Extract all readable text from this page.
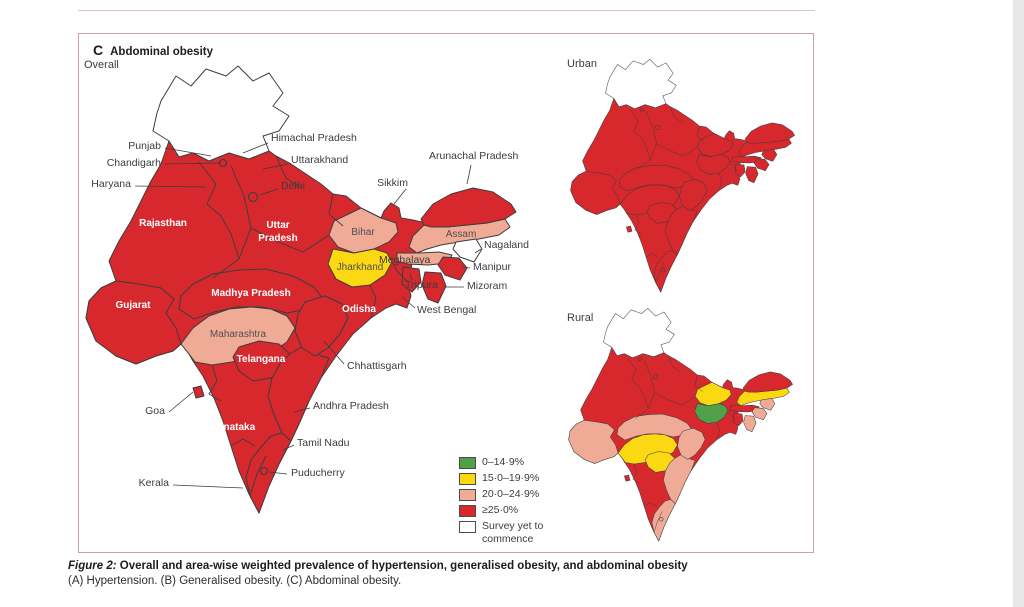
C Abdominal obesity
Overall	Urban
Rural
Punjab
Chandigarh
Haryana
Himachal Pradesh
Uttarakhand
Delhi
Arunachal Pradesh
Sikkim
Nagaland
Meghalaya
Manipur
Mizoram
Tripura
West Bengal
Chhattisgarh
Goa	Andhra Pradesh
Tamil Nadu
Kerala
Puducherry
Rajasthan	Uttar Pradesh
Gujarat
Madhya Pradesh
Bihar
Jharkhand
Assam
Odisha
Maharashtra
Telangana
Karnataka
0–14·9%
15·0–19·9%
20·0–24·9%
≥25·0%
Survey yet to commence
Figure 2: Overall and area-wise weighted prevalence of hypertension, generalised obesity, and abdominal obesity
(A) Hypertension. (B) Generalised obesity. (C) Abdominal obesity.
